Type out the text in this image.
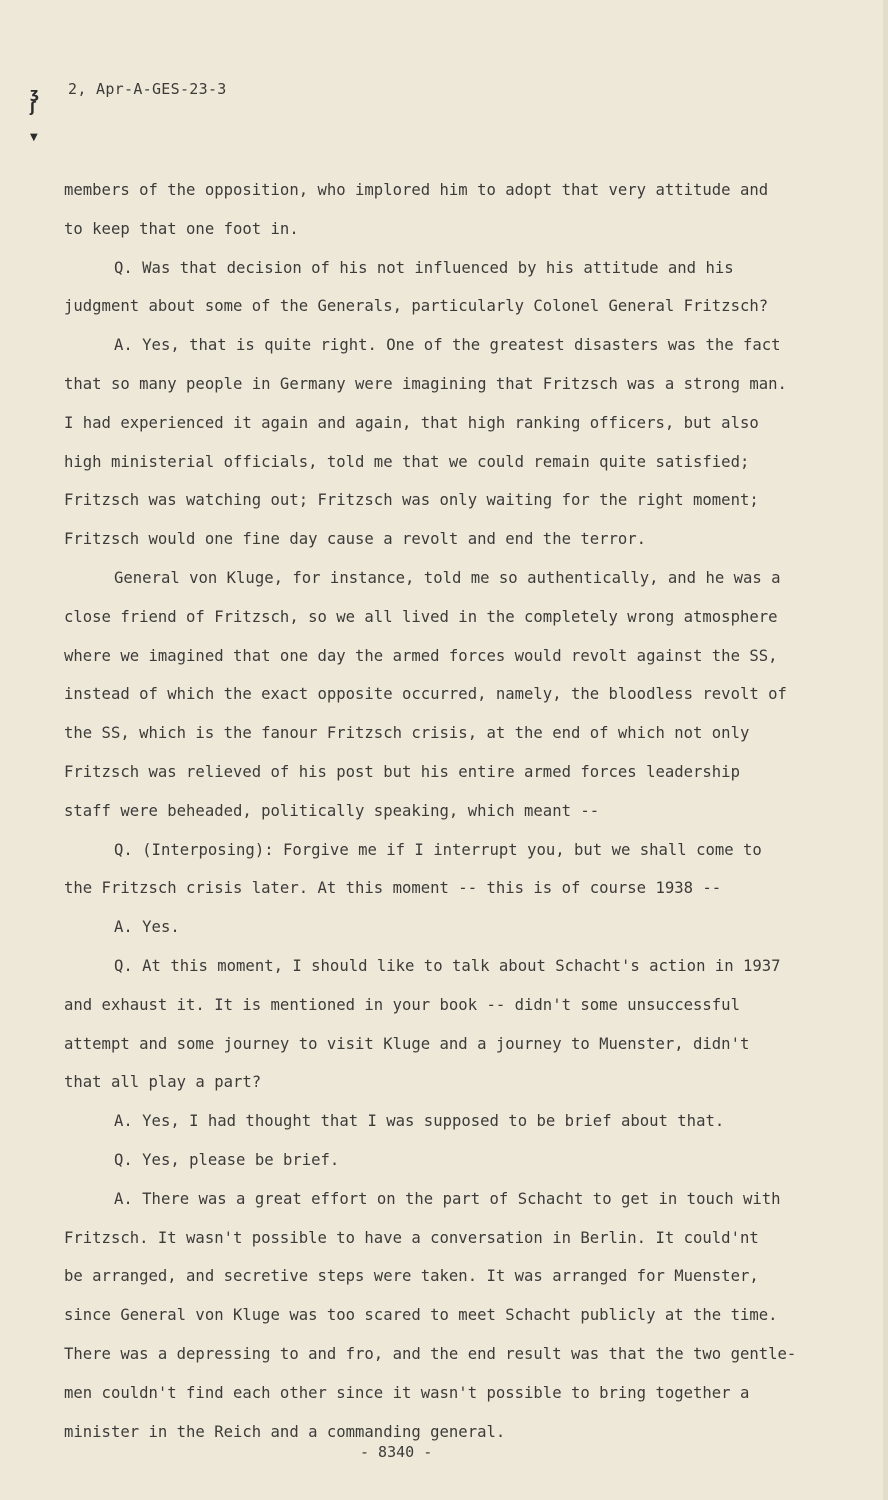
ʒ
ʃ
▼
2, Apr-A-GES-23-3

members of the opposition, who implored him to adopt that very attitude and

to keep that one foot in.

Q. Was that decision of his not influenced by his attitude and his

judgment about some of the Generals, particularly Colonel General Fritzsch?

A. Yes, that is quite right. One of the greatest disasters was the fact

that so many people in Germany were imagining that Fritzsch was a strong man.

I had experienced it again and again, that high ranking officers, but also

high ministerial officials, told me that we could remain quite satisfied;

Fritzsch was watching out; Fritzsch was only waiting for the right moment;

Fritzsch would one fine day cause a revolt and end the terror.

General von Kluge, for instance, told me so authentically, and he was a

close friend of Fritzsch, so we all lived in the completely wrong atmosphere

where we imagined that one day the armed forces would revolt against the SS,

instead of which the exact opposite occurred, namely, the bloodless revolt of

the SS, which is the fanour Fritzsch crisis, at the end of which not only

Fritzsch was relieved of his post but his entire armed forces leadership

staff were beheaded, politically speaking, which meant --

Q. (Interposing): Forgive me if I interrupt you, but we shall come to

the Fritzsch crisis later. At this moment -- this is of course 1938 --

A. Yes.

Q. At this moment, I should like to talk about Schacht's action in 1937

and exhaust it. It is mentioned in your book -- didn't some unsuccessful

attempt and some journey to visit Kluge and a journey to Muenster, didn't

that all play a part?

A. Yes, I had thought that I was supposed to be brief about that.

Q. Yes, please be brief.

A. There was a great effort on the part of Schacht to get in touch with

Fritzsch. It wasn't possible to have a conversation in Berlin. It could'nt

be arranged, and secretive steps were taken. It was arranged for Muenster,

since General von Kluge was too scared to meet Schacht publicly at the time.

There was a depressing to and fro, and the end result was that the two gentle-

men couldn't find each other since it wasn't possible to bring together a

minister in the Reich and a commanding general.

- 8340 -
